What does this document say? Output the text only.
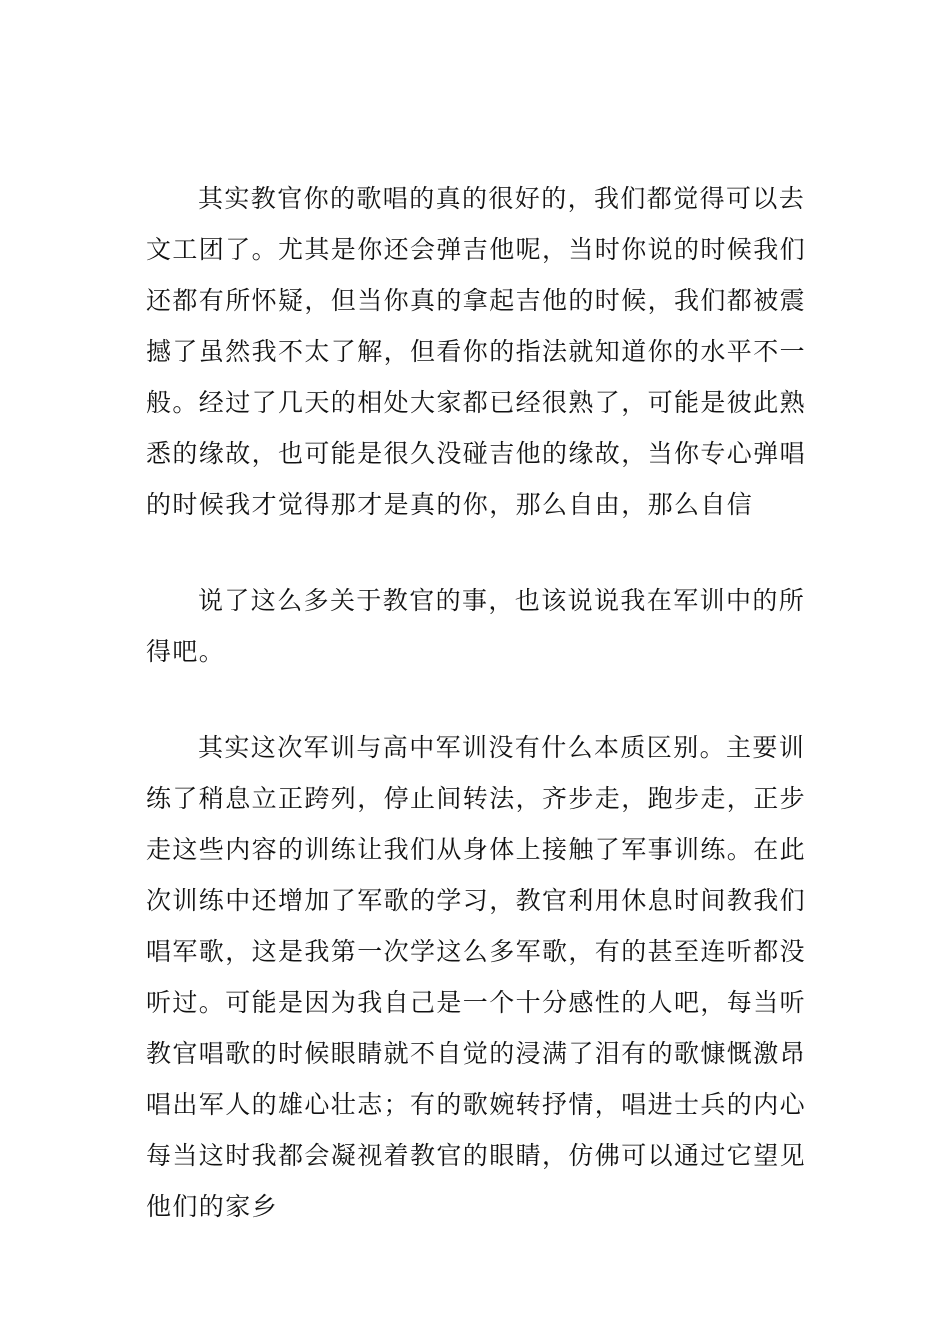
其实教官你的歌唱的真的很好的，我们都觉得可以去
文工团了。尤其是你还会弹吉他呢，当时你说的时候我们
还都有所怀疑，但当你真的拿起吉他的时候，我们都被震
撼了虽然我不太了解，但看你的指法就知道你的水平不一
般。经过了几天的相处大家都已经很熟了，可能是彼此熟
悉的缘故，也可能是很久没碰吉他的缘故，当你专心弹唱
的时候我才觉得那才是真的你，那么自由，那么自信
说了这么多关于教官的事，也该说说我在军训中的所
得吧。
其实这次军训与高中军训没有什么本质区别。主要训
练了稍息立正跨列，停止间转法，齐步走，跑步走，正步
走这些内容的训练让我们从身体上接触了军事训练。在此
次训练中还增加了军歌的学习，教官利用休息时间教我们
唱军歌，这是我第一次学这么多军歌，有的甚至连听都没
听过。可能是因为我自己是一个十分感性的人吧，每当听
教官唱歌的时候眼睛就不自觉的浸满了泪有的歌慷慨激昂
唱出军人的雄心壮志；有的歌婉转抒情，唱进士兵的内心
每当这时我都会凝视着教官的眼睛，仿佛可以通过它望见
他们的家乡
